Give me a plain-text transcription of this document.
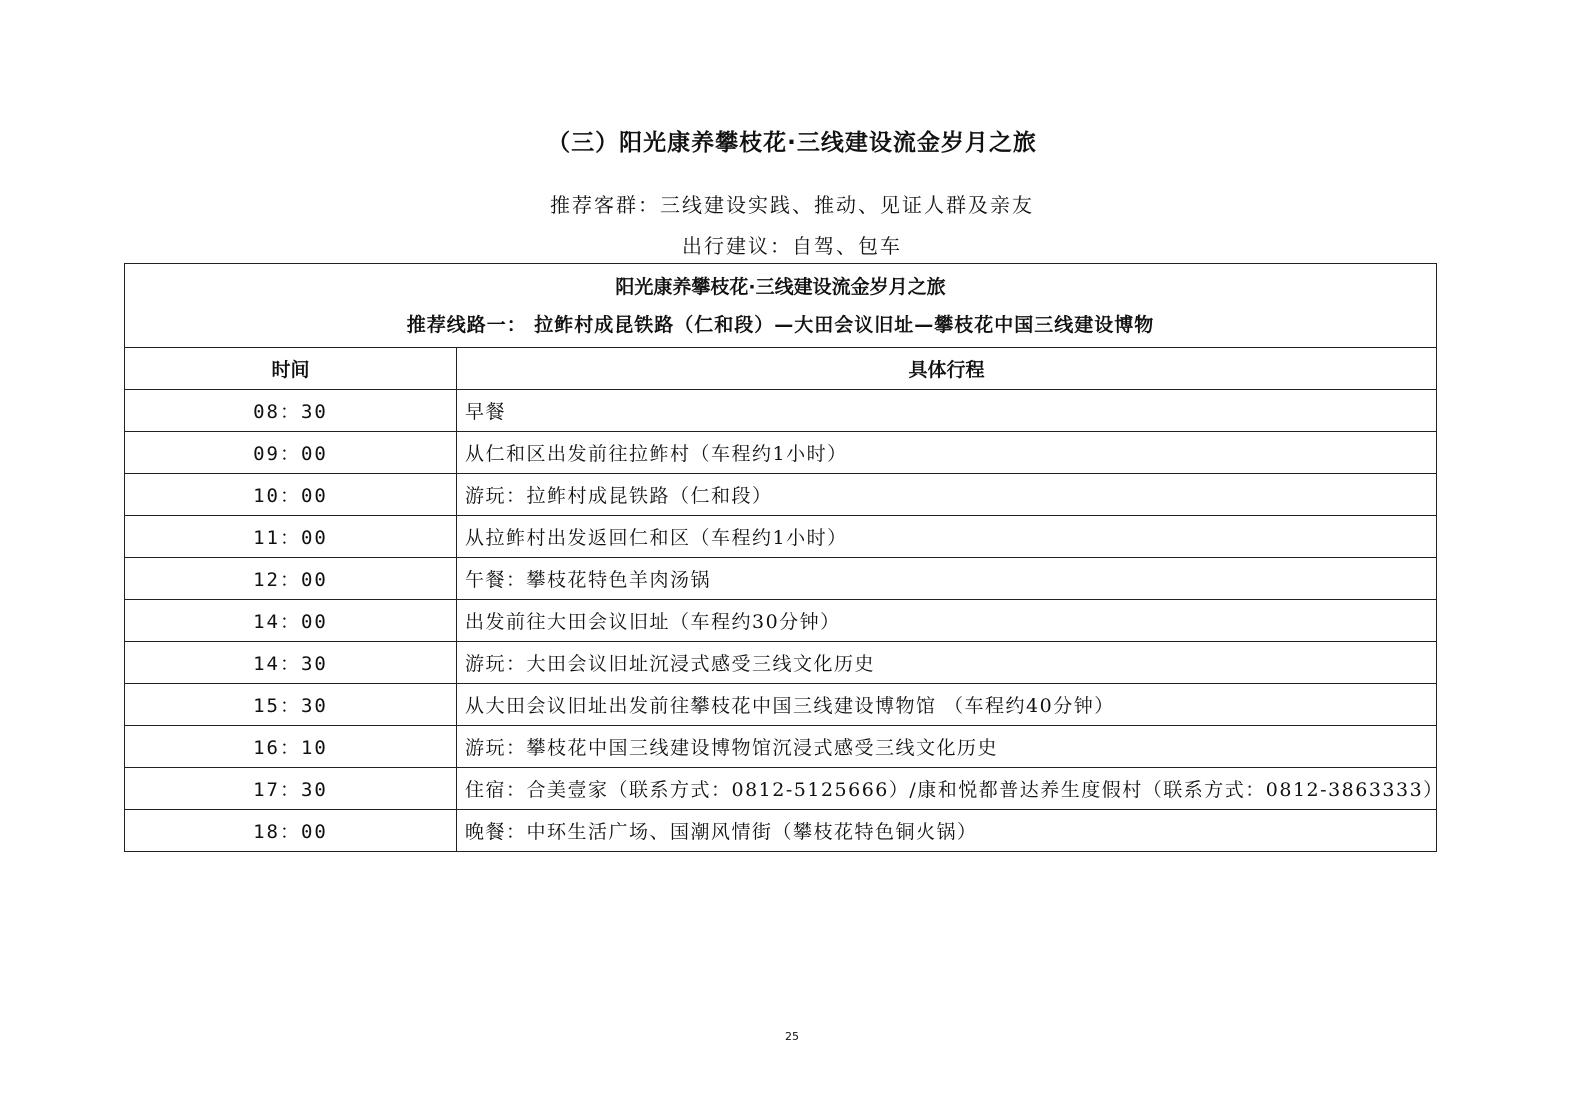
（三）阳光康养攀枝花·三线建设流金岁月之旅
推荐客群：三线建设实践、推动、见证人群及亲友
出行建议：自驾、包车
阳光康养攀枝花·三线建设流金岁月之旅
推荐线路一： 拉鲊村成昆铁路（仁和段）—大田会议旧址—攀枝花中国三线建设博物	

时间	具体行程
08：30	早餐
09：00	从仁和区出发前往拉鲊村（车程约1小时）
10：00	游玩：拉鲊村成昆铁路（仁和段）
11：00	从拉鲊村出发返回仁和区（车程约1小时）
12：00	午餐：攀枝花特色羊肉汤锅
14：00	出发前往大田会议旧址（车程约30分钟）
14：30	游玩：大田会议旧址沉浸式感受三线文化历史
15：30	从大田会议旧址出发前往攀枝花中国三线建设博物馆 （车程约40分钟）
16：10	游玩：攀枝花中国三线建设博物馆沉浸式感受三线文化历史
17：30	住宿：合美壹家（联系方式：0812-5125666）/康和悦都普达养生度假村（联系方式：0812-3863333）
18：00	晚餐：中环生活广场、国潮风情街（攀枝花特色铜火锅）
25
